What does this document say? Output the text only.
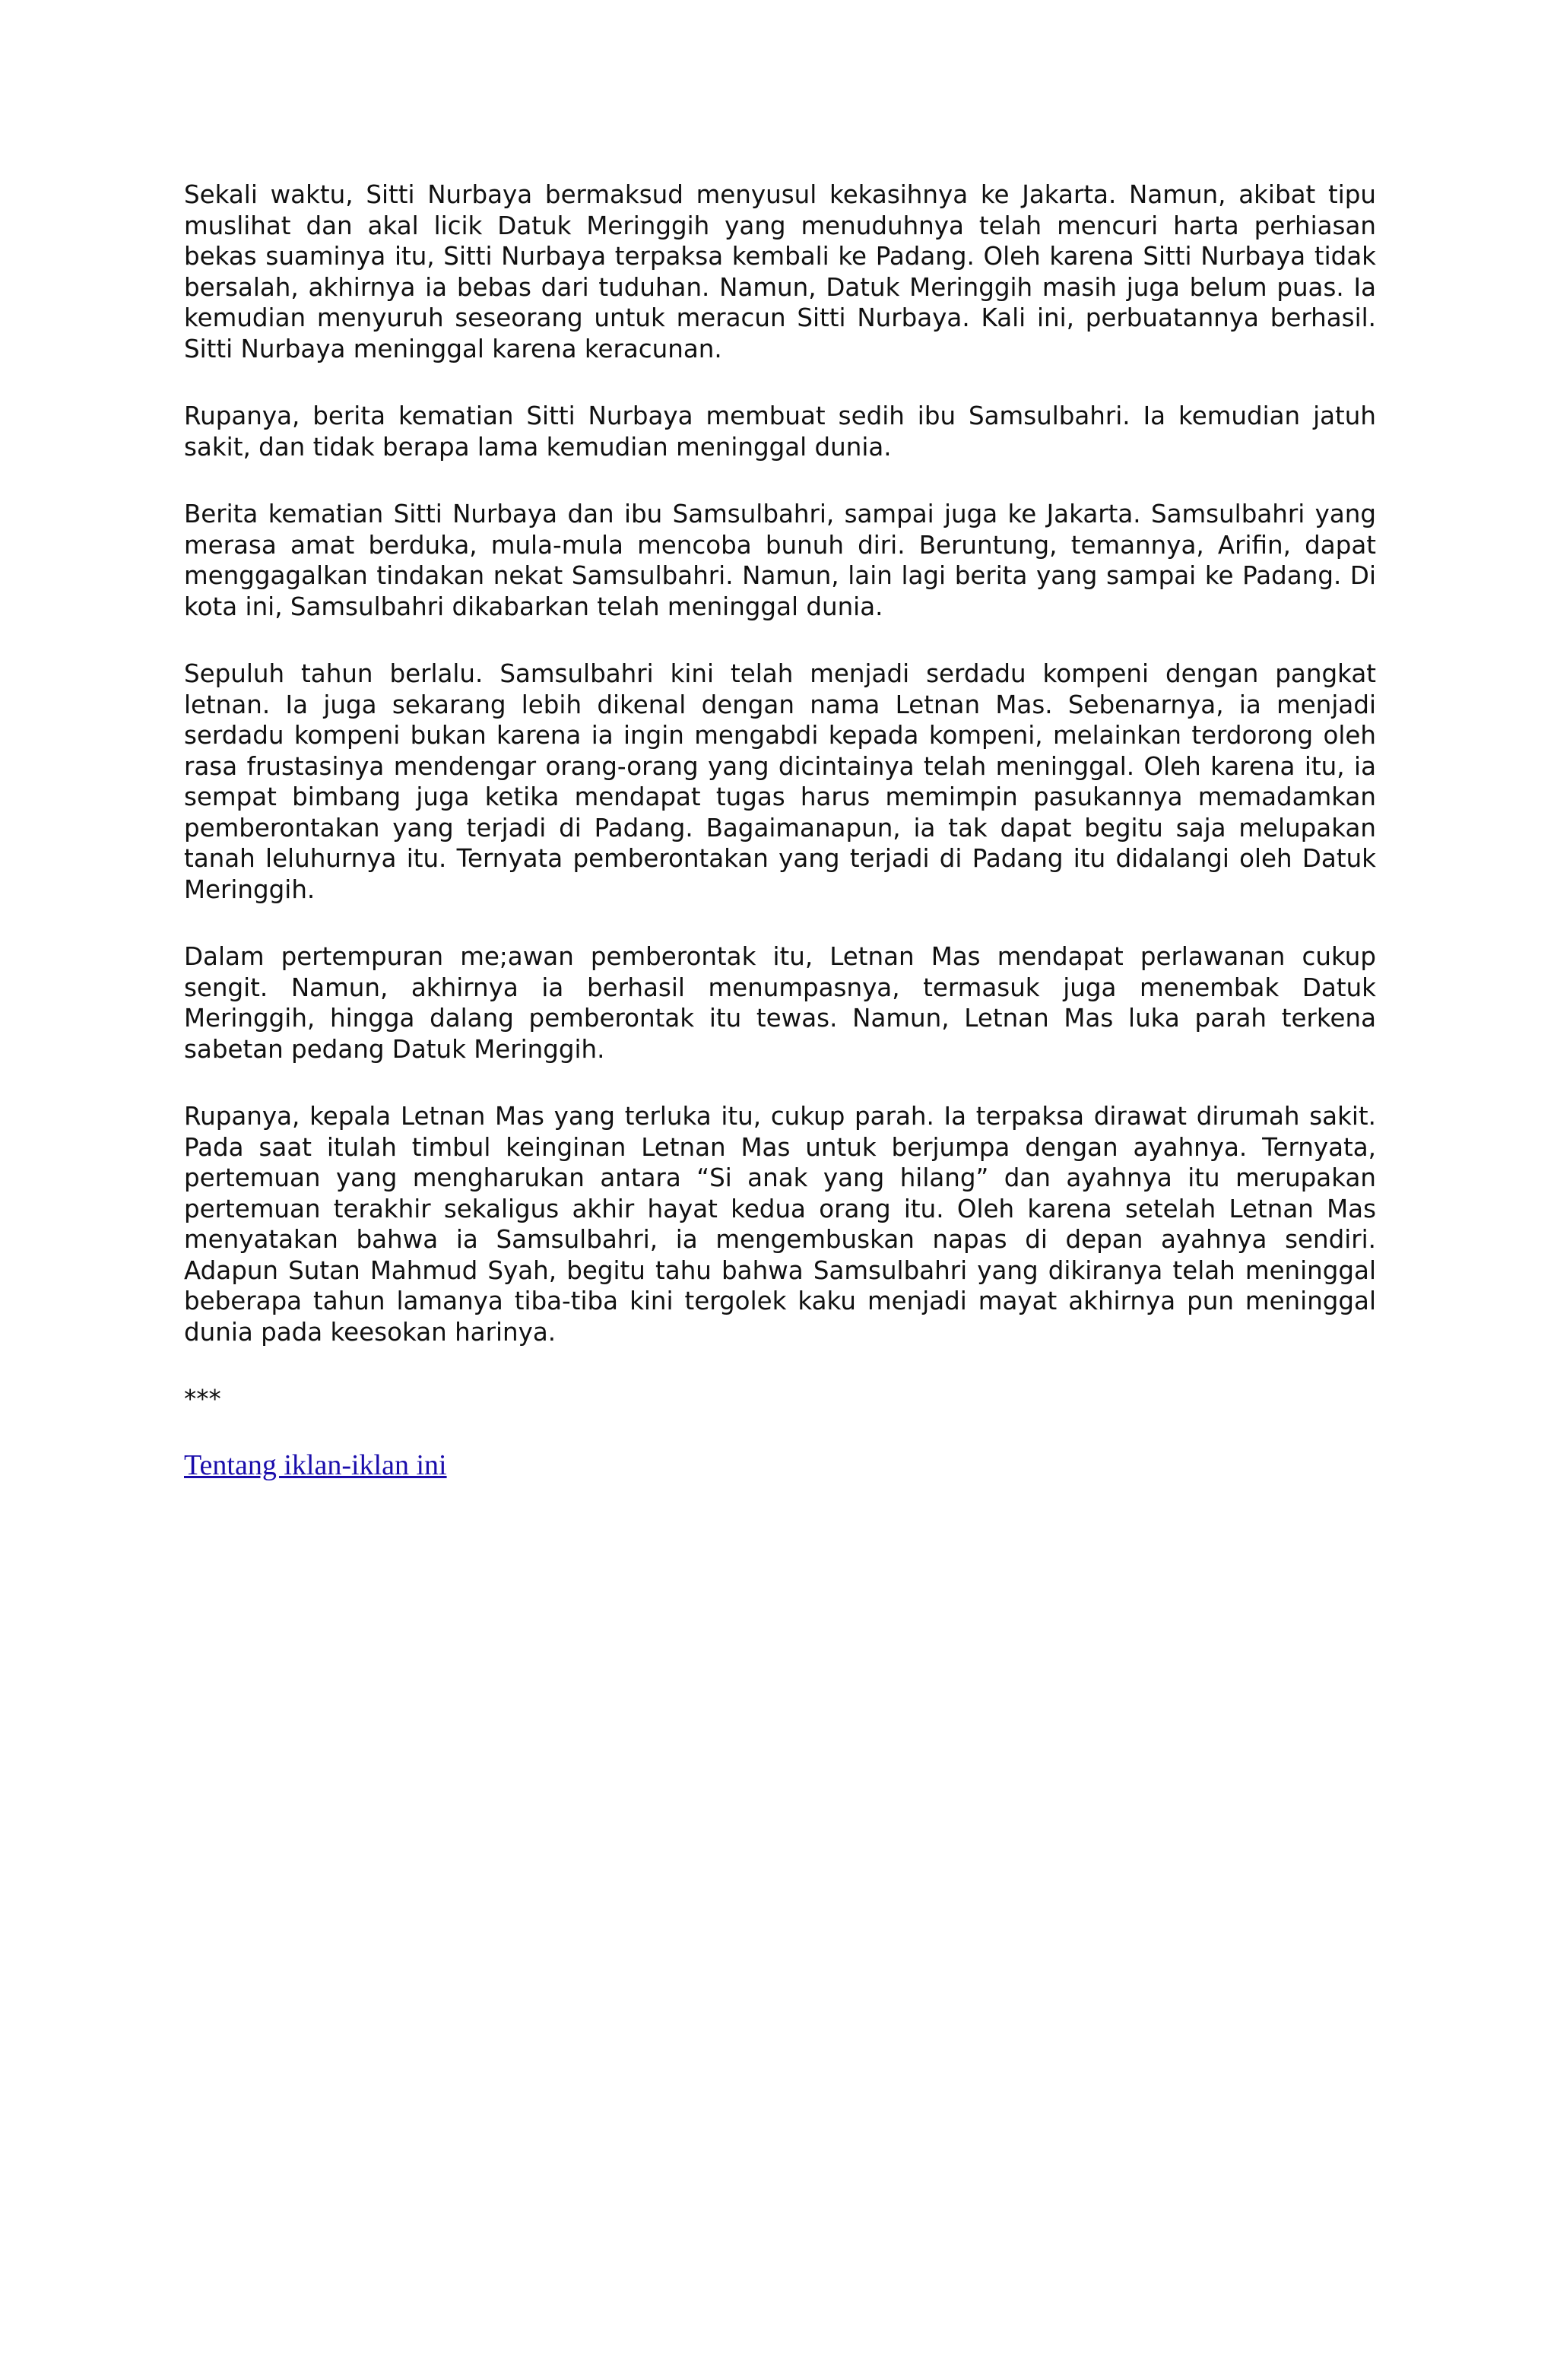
Sekali waktu, Sitti Nurbaya bermaksud menyusul kekasihnya ke Jakarta. Namun, akibat tipu muslihat dan akal licik Datuk Meringgih yang menuduhnya telah mencuri harta perhiasan bekas suaminya itu, Sitti Nurbaya terpaksa kembali ke Padang. Oleh karena Sitti Nurbaya tidak bersalah, akhirnya ia bebas dari tuduhan. Namun, Datuk Meringgih masih juga belum puas. Ia kemudian menyuruh seseorang untuk meracun Sitti Nurbaya. Kali ini, perbuatannya berhasil. Sitti Nurbaya meninggal karena keracunan.

Rupanya, berita kematian Sitti Nurbaya membuat sedih ibu Samsulbahri. Ia kemudian jatuh sakit, dan tidak berapa lama kemudian meninggal dunia.

Berita kematian Sitti Nurbaya dan ibu Samsulbahri, sampai juga ke Jakarta. Samsulbahri yang merasa amat berduka, mula-mula mencoba bunuh diri. Beruntung, temannya, Arifin, dapat menggagalkan tindakan nekat Samsulbahri. Namun, lain lagi berita yang sampai ke Padang. Di kota ini, Samsulbahri dikabarkan telah meninggal dunia.

Sepuluh tahun berlalu. Samsulbahri kini telah menjadi serdadu kompeni dengan pangkat letnan. Ia juga sekarang lebih dikenal dengan nama Letnan Mas. Sebenarnya, ia menjadi serdadu kompeni bukan karena ia ingin mengabdi kepada kompeni, melainkan terdorong oleh rasa frustasinya mendengar orang-orang yang dicintainya telah meninggal. Oleh karena itu, ia sempat bimbang juga ketika mendapat tugas harus memimpin pasukannya memadamkan pemberontakan yang terjadi di Padang. Bagaimanapun, ia tak dapat begitu saja melupakan tanah leluhurnya itu. Ternyata pemberontakan yang terjadi di Padang itu didalangi oleh Datuk Meringgih.

Dalam pertempuran me;awan pemberontak itu, Letnan Mas mendapat perlawanan cukup sengit. Namun, akhirnya ia berhasil menumpasnya, termasuk juga menembak Datuk Meringgih, hingga dalang pemberontak itu tewas. Namun, Letnan Mas luka parah terkena sabetan pedang Datuk Meringgih.

Rupanya, kepala Letnan Mas yang terluka itu, cukup parah. Ia terpaksa dirawat dirumah sakit. Pada saat itulah timbul keinginan Letnan Mas untuk berjumpa dengan ayahnya. Ternyata, pertemuan yang mengharukan antara “Si anak yang hilang” dan ayahnya itu merupakan pertemuan terakhir sekaligus akhir hayat kedua orang itu. Oleh karena setelah Letnan Mas menyatakan bahwa ia Samsulbahri, ia mengembuskan napas di depan ayahnya sendiri. Adapun Sutan Mahmud Syah, begitu tahu bahwa Samsulbahri yang dikiranya telah meninggal beberapa tahun lamanya tiba-tiba kini tergolek kaku menjadi mayat akhirnya pun meninggal dunia pada keesokan harinya.

***
Tentang iklan-iklan ini
